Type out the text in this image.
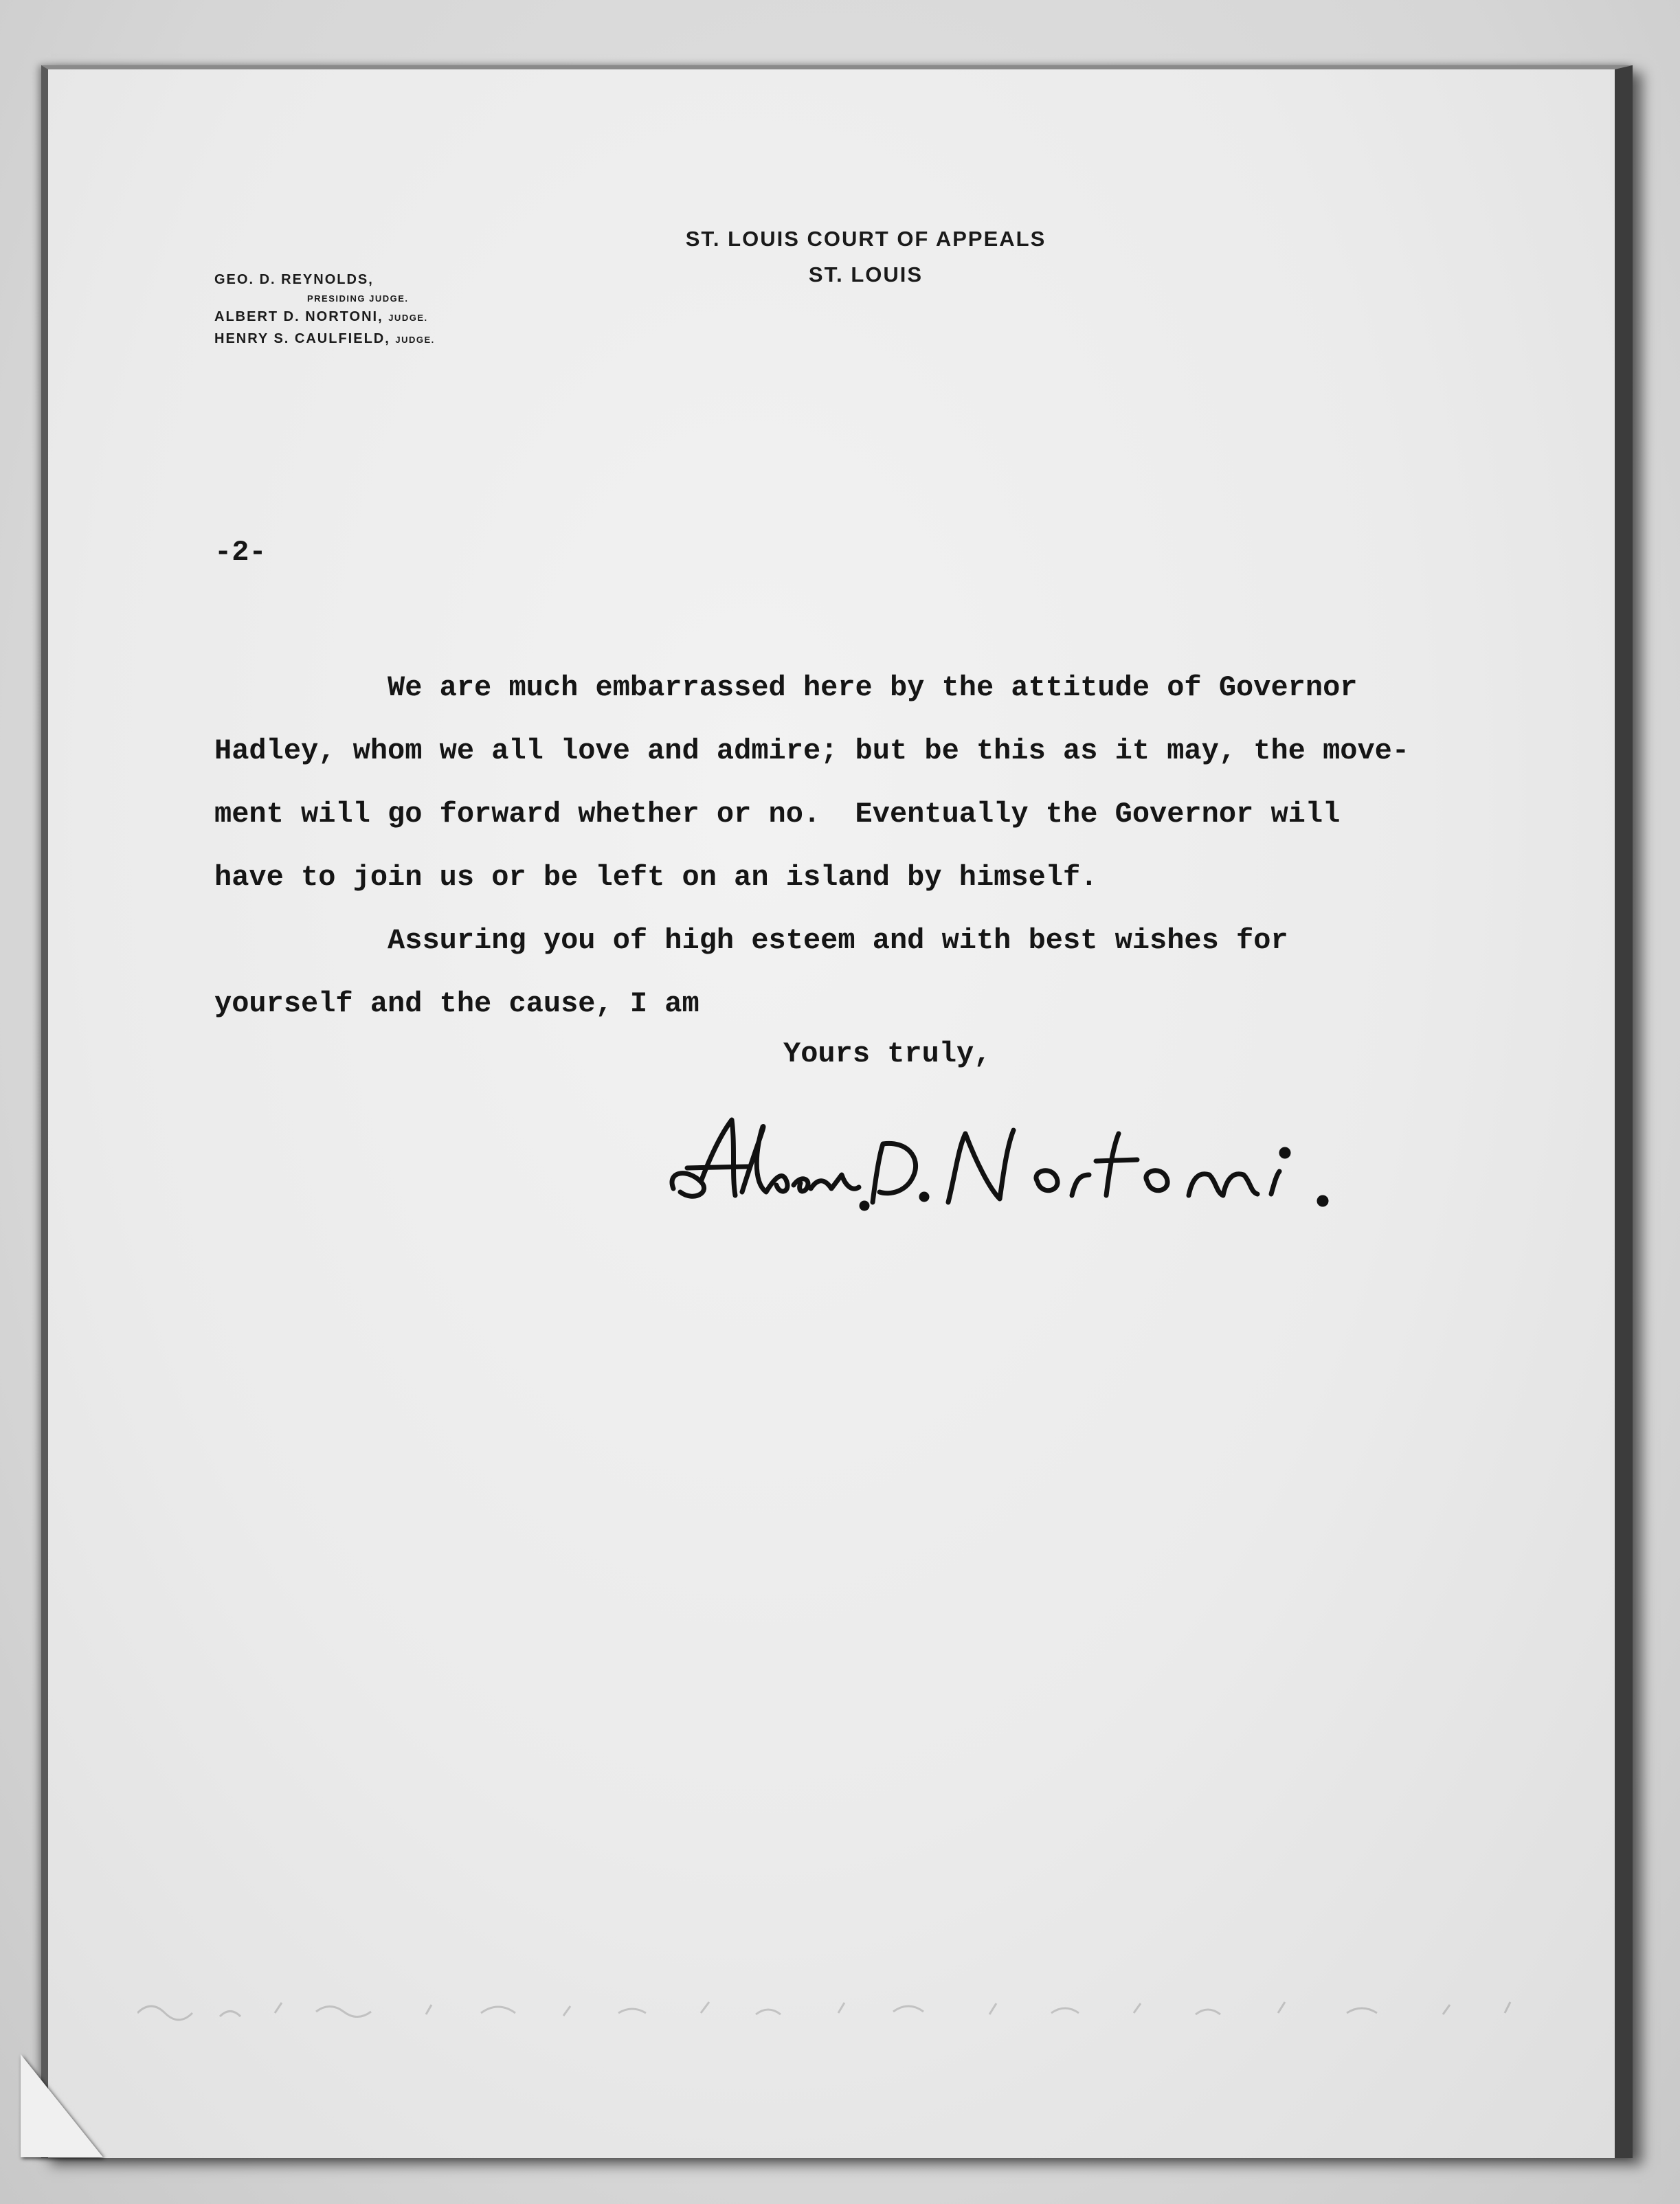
ST. LOUIS COURT OF APPEALS
ST. LOUIS
GEO. D. REYNOLDS,
PRESIDING JUDGE.
ALBERT D. NORTONI, JUDGE.
HENRY S. CAULFIELD, JUDGE.
-2-
We are much embarrassed here by the attitude of Governor
Hadley, whom we all love and admire; but be this as it may, the move-
ment will go forward whether or no.  Eventually the Governor will
have to join us or be left on an island by himself.
Assuring you of high esteem and with best wishes for
yourself and the cause, I am
Yours truly,
